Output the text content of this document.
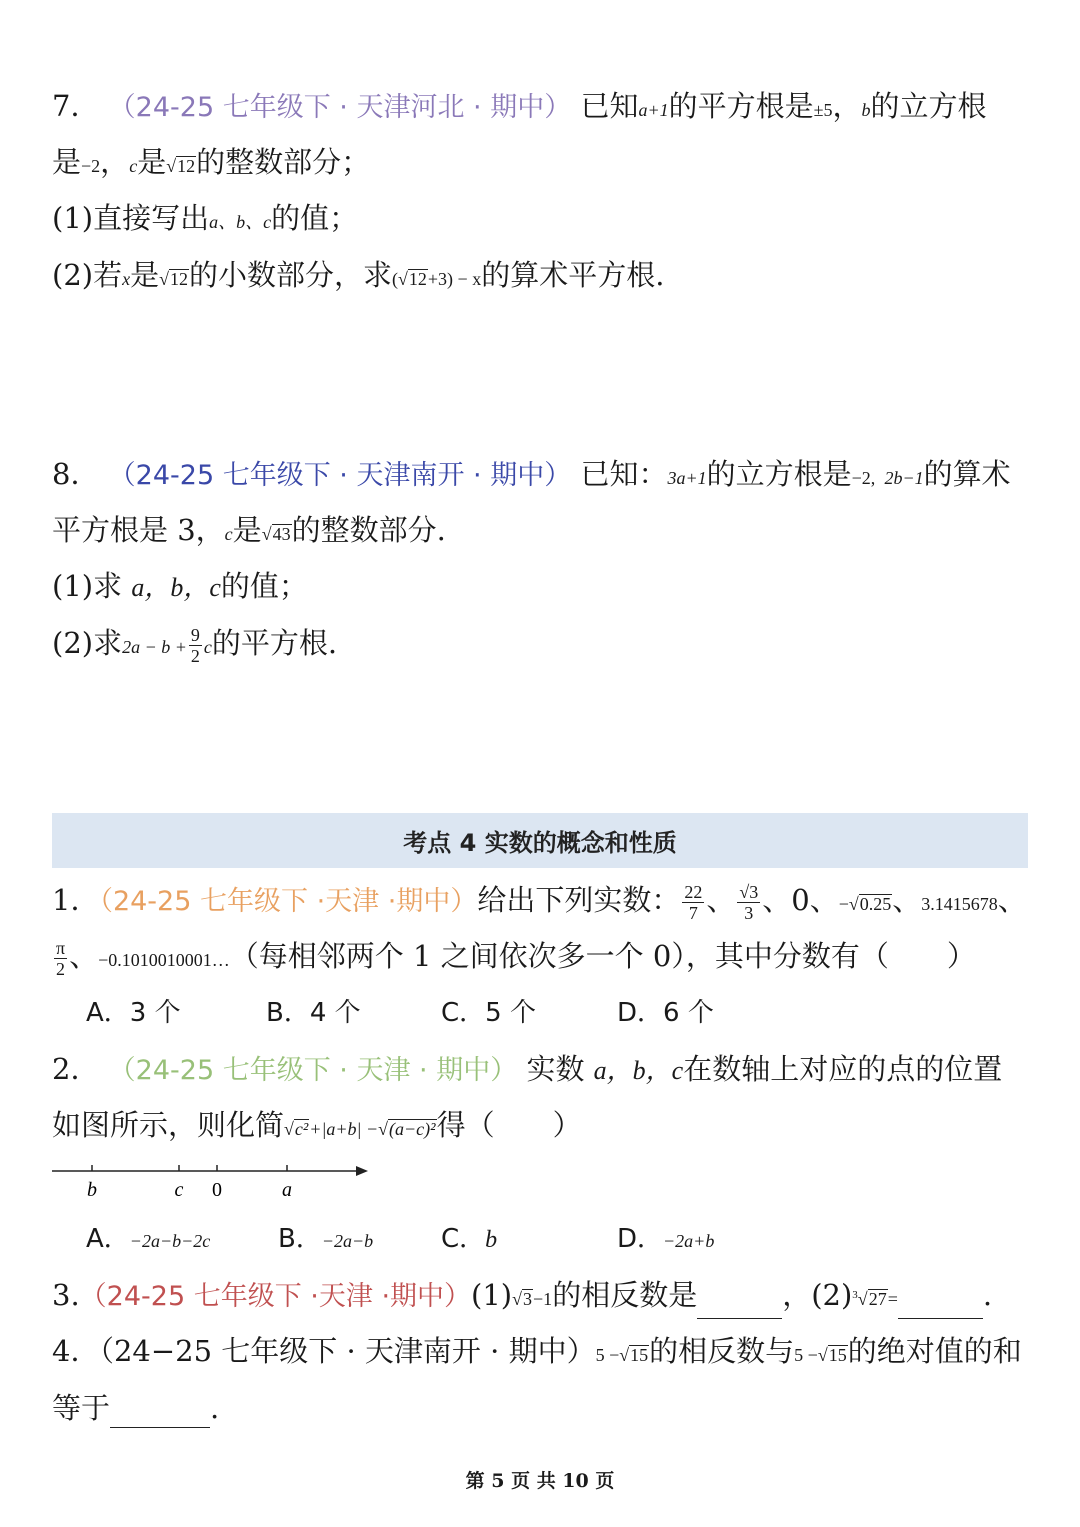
7． （24-25 七年级下 · 天津河北 · 期中） 已知a+1的平方根是±5，b的立方根
是−2，c是√12的整数部分；
(1)直接写出a、b、c的值；
(2)若x是√12的小数部分，求(√12+3) − x的算术平方根.
8． （24-25 七年级下 · 天津南开 · 期中） 已知：3a+1的立方根是−2, 2b−1的算术
平方根是 3，c是√43的整数部分.
(1)求 a，b，c的值；
(2)求$2a - b + \frac{9}{2}$ c的平方根.
考点 4 实数的概念和性质
1．（24-25 七年级下 ·天津 ·期中）给出下列实数： $\frac{22}{7}$ 、 $\frac{√3}{3}$ 、0、−√0.25、3.1415678、
$\frac{\pi}{2}$ 、−0.1010010001…（每相邻两个 1 之间依次多一个 0），其中分数有（　　）
A．3 个	B．4 个	C．5 个	D．6 个
2． （24-25 七年级下 · 天津 · 期中） 实数 a，b，c在数轴上对应的点的位置
如图所示，则化简√c²+|a+b| −√(a−c)²得（　　）
b	c 0	a
A．−2a−b−2c	B．−2a−b	C．b	D．−2a+b
3.（24-25 七年级下 ·天津 ·期中）(1)√3−1的相反数是	，$(2)^3√27=$	.
4．（24−25 七年级下 · 天津南开 · 期中）5 −√15的相反数与5 −√15的绝对值的和
等于	.
第 5 页 共 10 页
